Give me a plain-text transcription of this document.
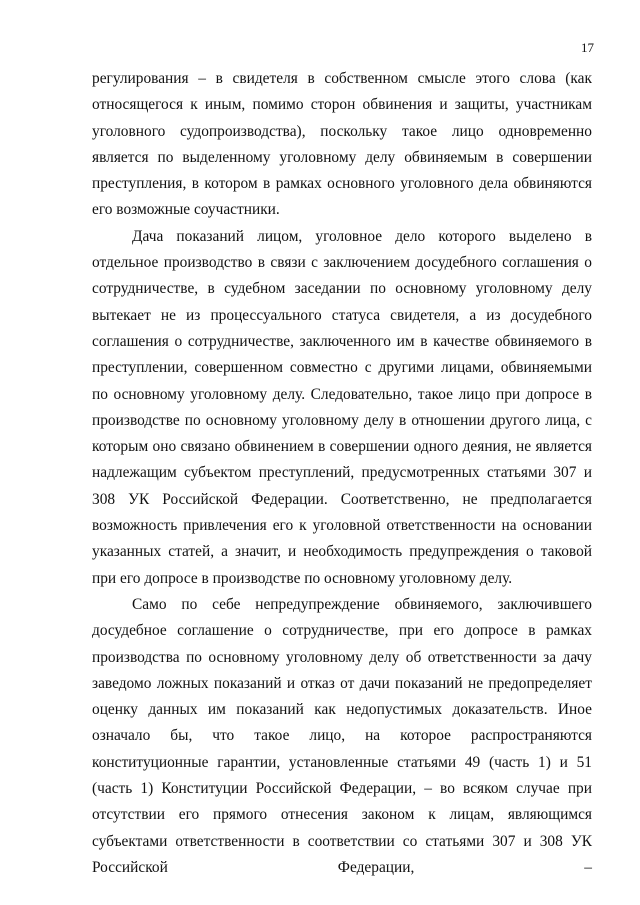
17

регулирования – в свидетеля в собственном смысле этого слова (как относящегося к иным, помимо сторон обвинения и защиты, участникам уголовного судопроизводства), поскольку такое лицо одновременно является по выделенному уголовному делу обвиняемым в совершении преступления, в котором в рамках основного уголовного дела обвиняются его возможные соучастники.

Дача показаний лицом, уголовное дело которого выделено в отдельное производство в связи с заключением досудебного соглашения о сотрудничестве, в судебном заседании по основному уголовному делу вытекает не из процессуального статуса свидетеля, а из досудебного соглашения о сотрудничестве, заключенного им в качестве обвиняемого в преступлении, совершенном совместно с другими лицами, обвиняемыми по основному уголовному делу. Следовательно, такое лицо при допросе в производстве по основному уголовному делу в отношении другого лица, с которым оно связано обвинением в совершении одного деяния, не является надлежащим субъектом преступлений, предусмотренных статьями 307 и 308 УК Российской Федерации. Соответственно, не предполагается возможность привлечения его к уголовной ответственности на основании указанных статей, а значит, и необходимость предупреждения о таковой при его допросе в производстве по основному уголовному делу.

Само по себе непредупреждение обвиняемого, заключившего досудебное соглашение о сотрудничестве, при его допросе в рамках производства по основному уголовному делу об ответственности за дачу заведомо ложных показаний и отказ от дачи показаний не предопределяет оценку данных им показаний как недопустимых доказательств. Иное означало бы, что такое лицо, на которое распространяются конституционные гарантии, установленные статьями 49 (часть 1) и 51 (часть 1) Конституции Российской Федерации, – во всяком случае при отсутствии его прямого отнесения законом к лицам, являющимся субъектами ответственности в соответствии со статьями 307 и 308 УК Российской Федерации, –
